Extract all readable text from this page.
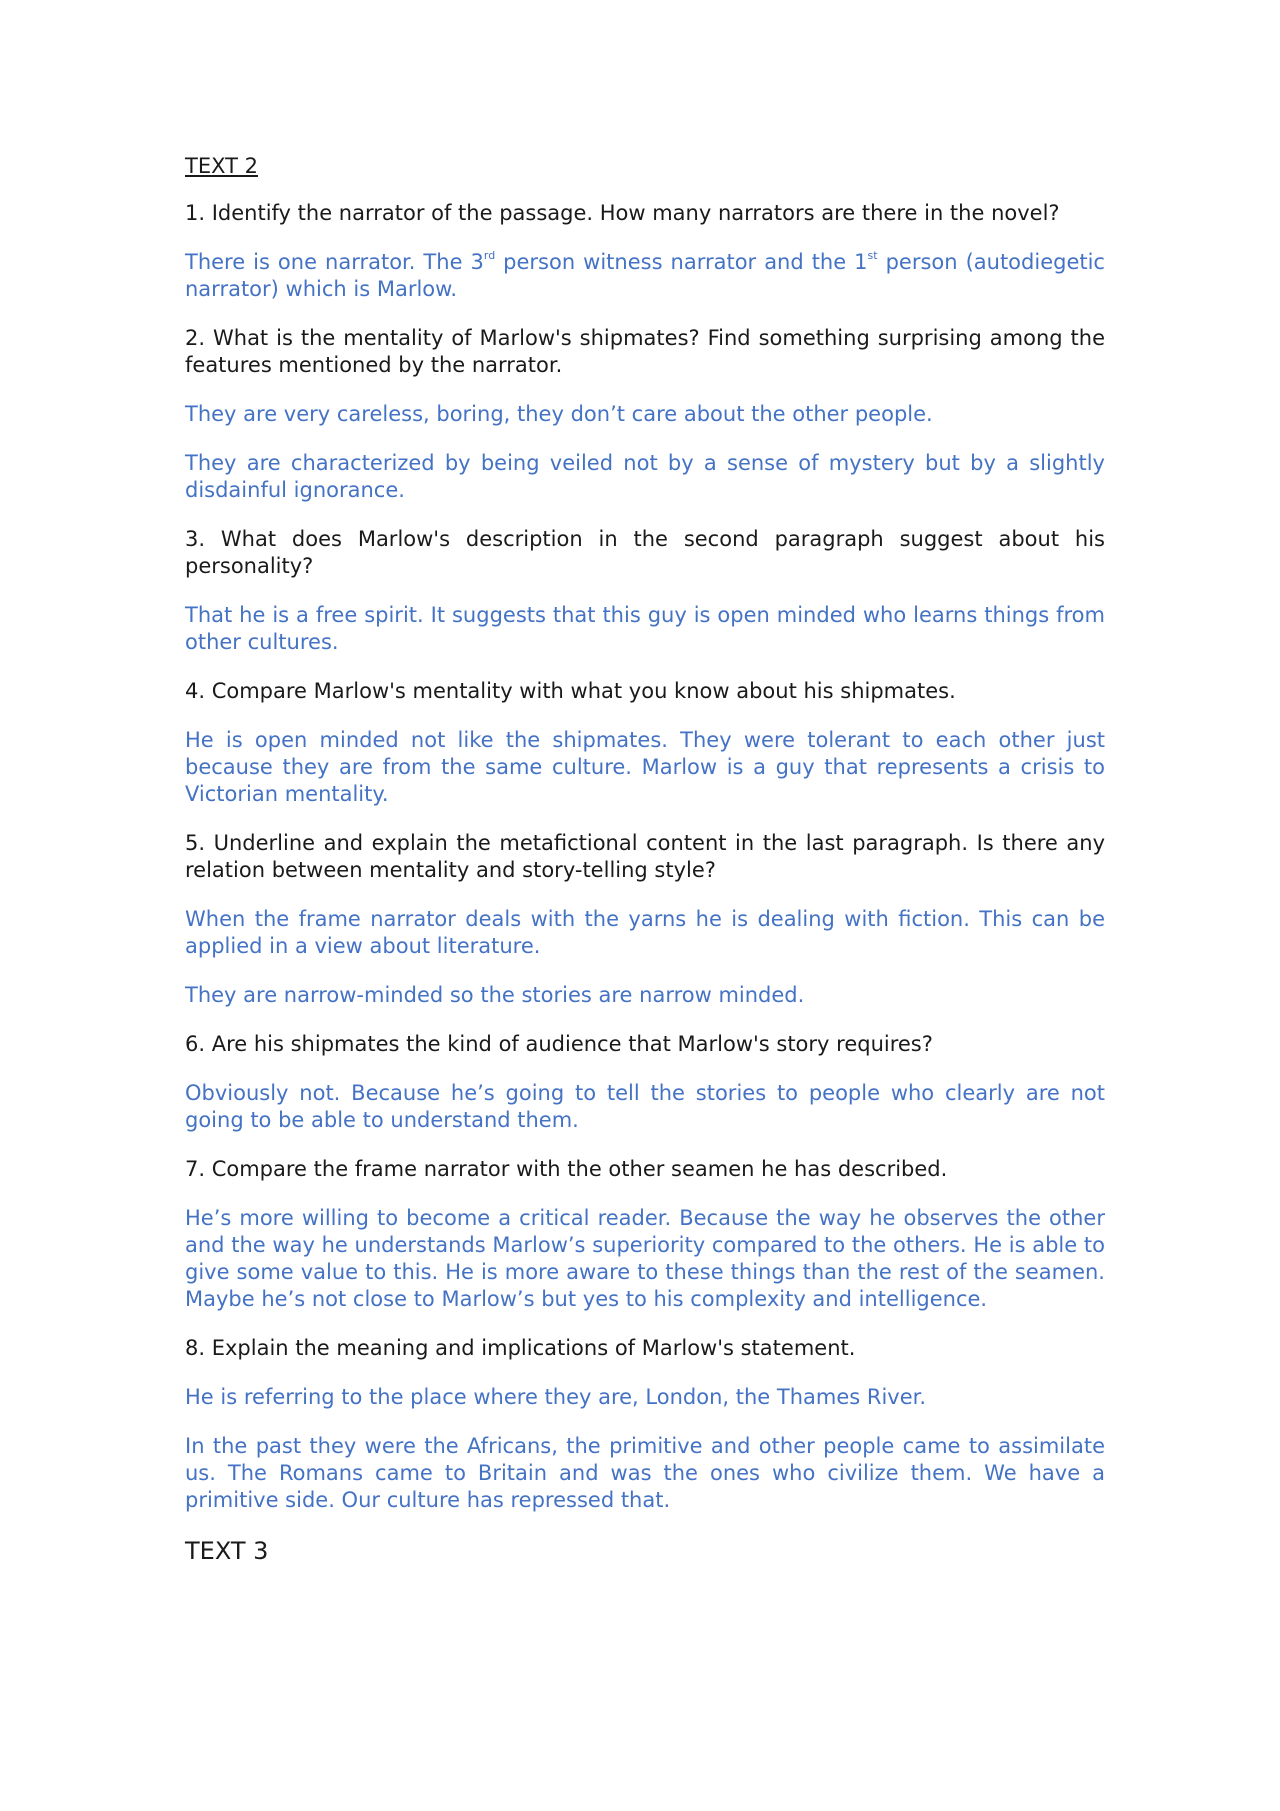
TEXT 2

1. Identify the narrator of the passage. How many narrators are there in the novel?

There is one narrator. The 3rd person witness narrator and the 1st person (autodiegetic narrator) which is Marlow.

2. What is the mentality of Marlow's shipmates? Find something surprising among the features mentioned by the narrator.

They are very careless, boring, they don’t care about the other people.

They are characterized by being veiled not by a sense of mystery but by a slightly disdainful ignorance.

3. What does Marlow's description in the second paragraph suggest about his personality?

That he is a free spirit. It suggests that this guy is open minded who learns things from other cultures.

4. Compare Marlow's mentality with what you know about his shipmates.

He is open minded not like the shipmates. They were tolerant to each other just because they are from the same culture. Marlow is a guy that represents a crisis to Victorian mentality.

5. Underline and explain the metafictional content in the last paragraph. Is there any relation between mentality and story-telling style?

When the frame narrator deals with the yarns he is dealing with fiction. This can be applied in a view about literature.

They are narrow-minded so the stories are narrow minded.

6. Are his shipmates the kind of audience that Marlow's story requires?

Obviously not. Because he’s going to tell the stories to people who clearly are not going to be able to understand them.

7. Compare the frame narrator with the other seamen he has described.

He’s more willing to become a critical reader. Because the way he observes the other and the way he understands Marlow’s superiority compared to the others. He is able to give some value to this. He is more aware to these things than the rest of the seamen. Maybe he’s not close to Marlow’s but yes to his complexity and intelligence.

8. Explain the meaning and implications of Marlow's statement.

He is referring to the place where they are, London, the Thames River.

In the past they were the Africans, the primitive and other people came to assimilate us. The Romans came to Britain and was the ones who civilize them. We have a primitive side. Our culture has repressed that.

TEXT 3
